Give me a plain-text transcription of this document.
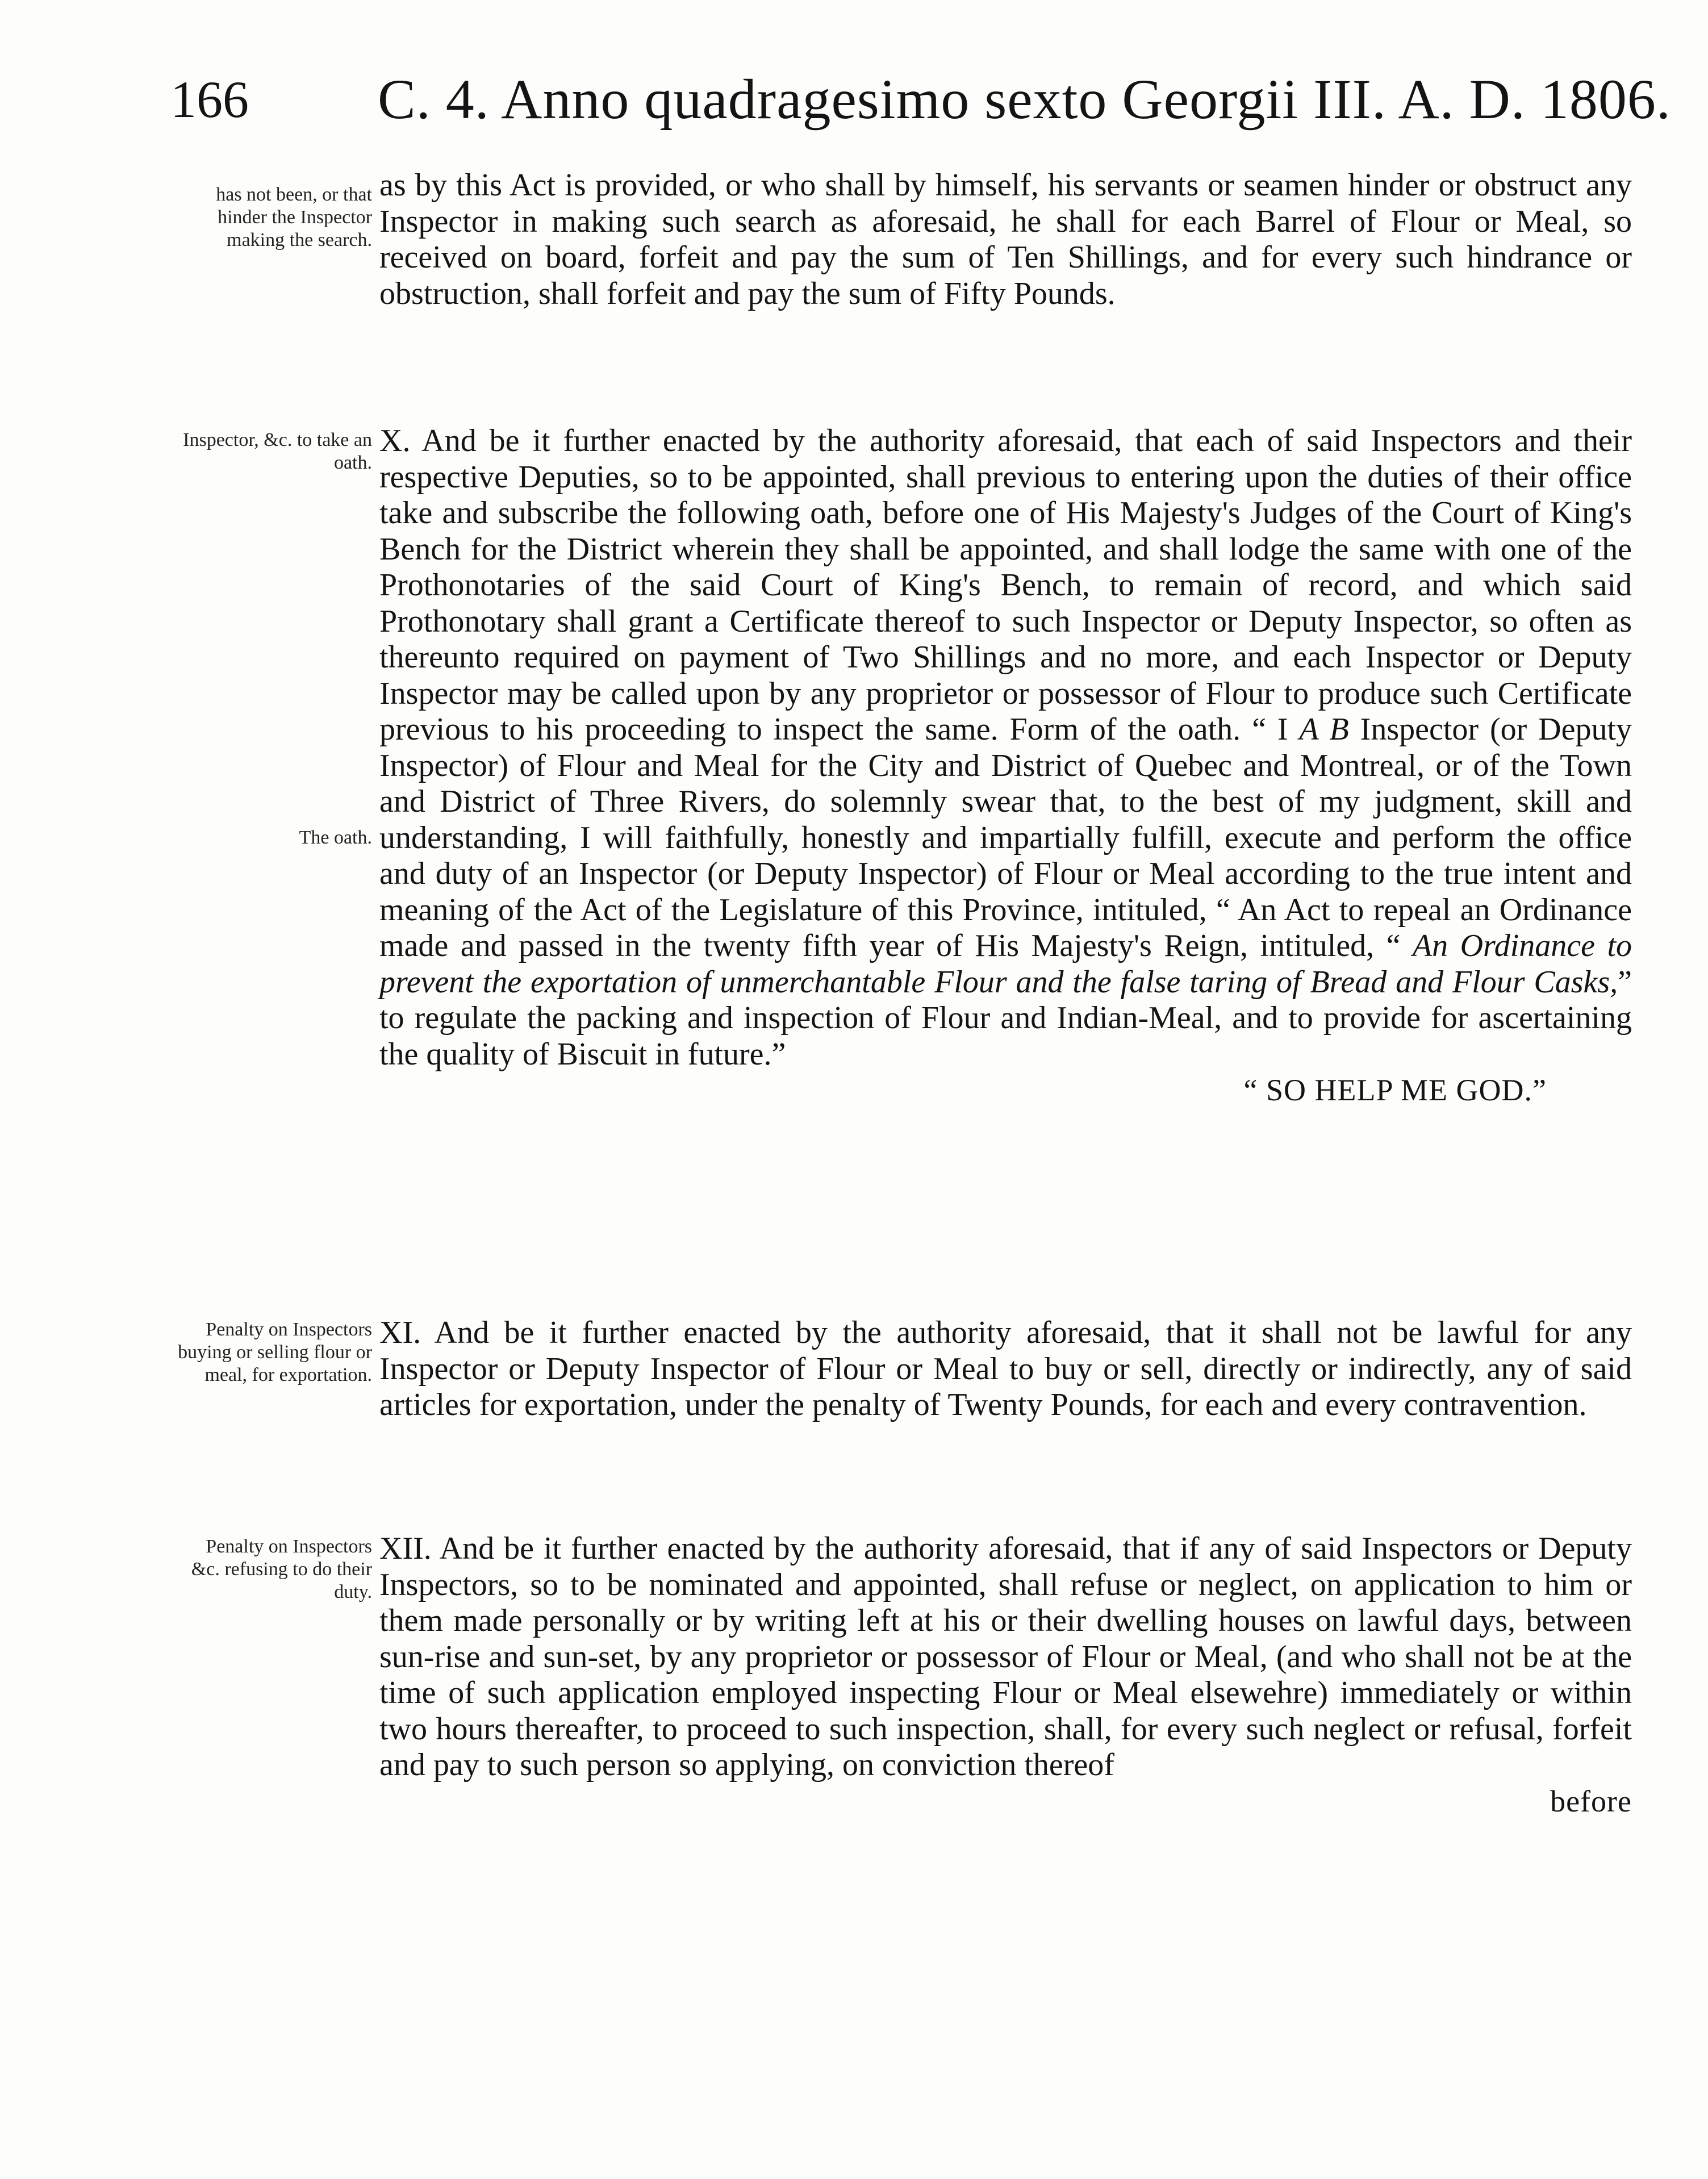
166 C. 4. Anno quadragesimo sexto Georgii III. A. D. 1806.
has not been, or that hinder the Inspector making the search.

as by this Act is provided, or who shall by himself, his servants or seamen hinder or obstruct any Inspector in making such search as aforesaid, he shall for each Barrel of Flour or Meal, so received on board, forfeit and pay the sum of Ten Shillings, and for every such hindrance or obstruction, shall forfeit and pay the sum of Fifty Pounds.

Inspector, &c. to take an oath.
The oath.

X. And be it further enacted by the authority aforesaid, that each of said Inspectors and their respective Deputies, so to be appointed, shall previous to entering upon the duties of their office take and subscribe the following oath, before one of His Majesty's Judges of the Court of King's Bench for the District wherein they shall be appointed, and shall lodge the same with one of the Prothonotaries of the said Court of King's Bench, to remain of record, and which said Prothonotary shall grant a Certificate thereof to such Inspector or Deputy Inspector, so often as thereunto required on payment of Two Shillings and no more, and each Inspector or Deputy Inspector may be called upon by any proprietor or possessor of Flour to produce such Certificate previous to his proceeding to inspect the same. Form of the oath. “ I A B Inspector (or Deputy Inspector) of Flour and Meal for the City and District of Quebec and Montreal, or of the Town and District of Three Rivers, do solemnly swear that, to the best of my judgment, skill and understanding, I will faithfully, honestly and impartially fulfill, execute and perform the office and duty of an Inspector (or Deputy Inspector) of Flour or Meal according to the true intent and meaning of the Act of the Legislature of this Province, intituled, “ An Act to repeal an Ordinance made and passed in the twenty fifth year of His Majesty's Reign, intituled, “ An Ordinance to prevent the exportation of unmerchantable Flour and the false taring of Bread and Flour Casks,” to regulate the packing and inspection of Flour and Indian-Meal, and to provide for ascertaining the quality of Biscuit in future.”
“ SO HELP ME GOD.”

Penalty on Inspectors buying or selling flour or meal, for exportation.

XI. And be it further enacted by the authority aforesaid, that it shall not be lawful for any Inspector or Deputy Inspector of Flour or Meal to buy or sell, directly or indirectly, any of said articles for exportation, under the penalty of Twenty Pounds, for each and every contravention.

Penalty on Inspectors &c. refusing to do their duty.

XII. And be it further enacted by the authority aforesaid, that if any of said Inspectors or Deputy Inspectors, so to be nominated and appointed, shall refuse or neglect, on application to him or them made personally or by writing left at his or their dwelling houses on lawful days, between sun-rise and sun-set, by any proprietor or possessor of Flour or Meal, (and who shall not be at the time of such application employed inspecting Flour or Meal elsewehre) immediately or within two hours thereafter, to proceed to such inspection, shall, for every such neglect or refusal, forfeit and pay to such person so applying, on conviction thereof
before
